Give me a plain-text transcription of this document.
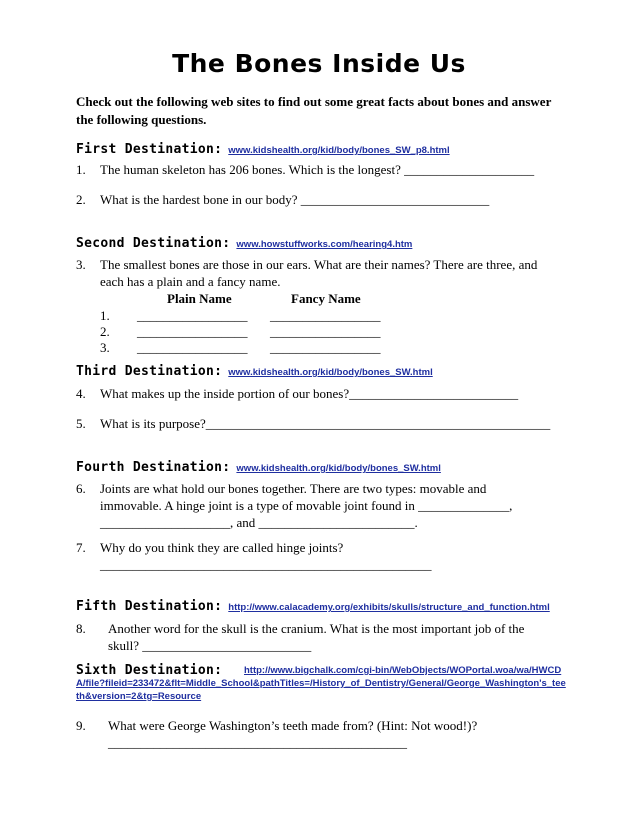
The Bones Inside Us
Check out the following web sites to find out some great facts about bones and answer the following questions.
First Destination: www.kidshealth.org/kid/body/bones_SW_p8.html
1. The human skeleton has 206 bones. Which is the longest? ____________________
2. What is the hardest bone in our body? _____________________________
Second Destination: www.howstuffworks.com/hearing4.htm
3. The smallest bones are those in our ears. What are their names? There are three, and each has a plain and a fancy name.
Plain Name	Fancy Name
1. _________________ _________________
2. _________________ _________________
3. _________________ _________________
Third Destination: www.kidshealth.org/kid/body/bones_SW.html
4. What makes up the inside portion of our bones?__________________________
5. What is its purpose?_____________________________________________________
Fourth Destination: www.kidshealth.org/kid/body/bones_SW.html
6. Joints are what hold our bones together. There are two types: movable and immovable. A hinge joint is a type of movable joint found in ______________, ____________________, and ________________________.
7. Why do you think they are called hinge joints? ___________________________________________________
Fifth Destination: http://www.calacademy.org/exhibits/skulls/structure_and_function.html
8. Another word for the skull is the cranium. What is the most important job of the skull? __________________________
Sixth Destination:	http://www.bigchalk.com/cgi-bin/WebObjects/WOPortal.woa/wa/HWCDA/file?fileid=233472&flt=Middle_School&pathTitles=/History_of_Dentistry/General/George_Washington's_teeth&version=2&tg=Resource
9. What were George Washington’s teeth made from? (Hint: Not wood!)? ______________________________________________
